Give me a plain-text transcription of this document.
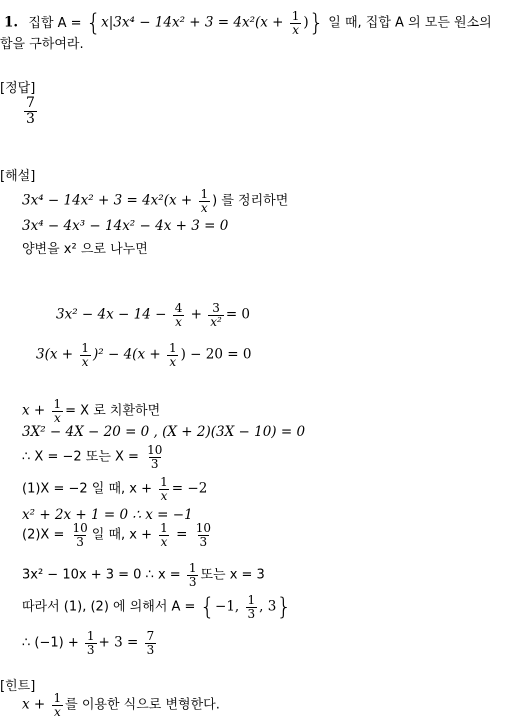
1. 집합 $A = \{x|3x^4 - 14x^2 + 3 = 4x^2(x + \frac{1}{x}$ )} 일 때, 집합 A 의 모든 원소의
합을 구하여라.
[정답]
$\frac{7}{3}$
[해설]
$3x^4 - 14x^2 + 3 = 4x^2(x + \frac{1}{x}$ ) 를 정리하면
3x⁴ − 4x³ − 14x² − 4x + 3 = 0
양변을 x² 으로 나누면
$3x^2 - 4x - 14 - \frac{4}{x} + \frac{3}{\text{x²}} = 0$
$3(x + \frac{1}{x} )^2 - 4(x + \frac{1}{x}$ ) − 20 = 0
$x + \frac{1}{x} = X$ 로 치환하면
3X² − 4X − 20 = 0 , (X + 2)(3X − 10) = 0
∴ X = −2 또는 $X = \frac{10}{3}$
(1)X = −2 일 때, $x + \frac{1}{x} = -2$
x² + 2x + 1 = 0 ∴ x = −1
$(2)X = \frac{10}{3}$ 일 때, $x + \frac{1}{x} = \frac{10}{3}$
3x² − 10x + 3 = 0 ∴ $x = \frac{1}{3}$ 또는 x = 3
따라서 (1), (2) 에 의해서 A = {−1, $\frac{1}{3}$ , 3}
∴ $(-1) + \frac{1}{3} + 3 = \frac{7}{3}$
[힌트]
$x + \frac{1}{x}$ 를 이용한 식으로 변형한다.
